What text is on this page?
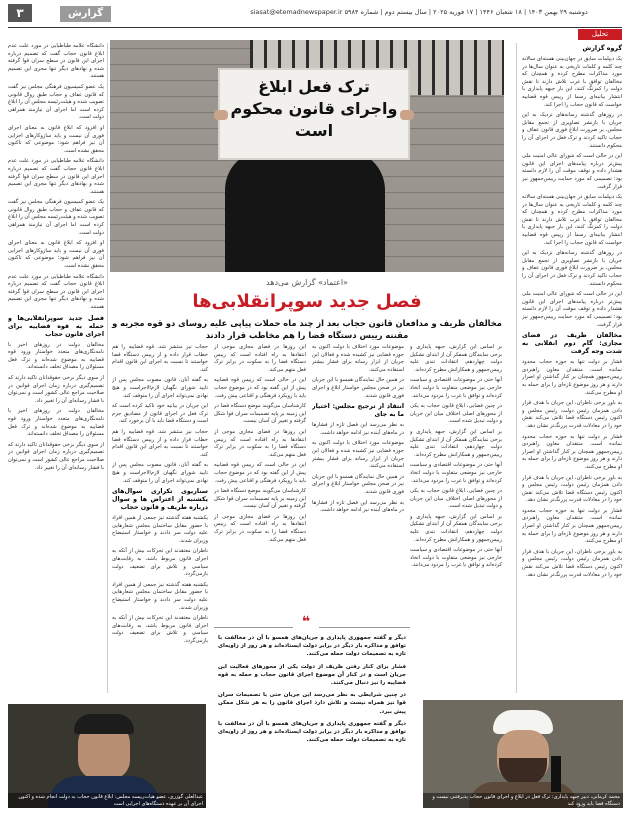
۳	گزارش	دوشنبه ۲۹ بهمن ۱۴۰۳ | ۱۸ شعبان ۱۴۴۶ | ۱۷ فوریه ۲۰۲۵ | سال بیستم دوم | شماره ۵۹۸۴ siasat@etemadnewspaper.ir
تحلیل
گروه گزارش

یک دیپلمات سابق در جهان‌بینی هسته‌ای سالانه چند کلمه و کلمات تاریخی به عنوان سال‌ها در مورد مذاکرات مطرح کرده و همچنان که مخالفان توافق با غرب تلاش دارند تا نقش دولت را کمرنگ کنند، این بار جبهه پایداری با انتشار بیانیه‌ای رسما از رییس قوه قضاییه خواست که قانون حجاب را اجرا کند.

در روزهای گذشته رسانه‌های نزدیک به این جریان با بازنشر تصاویری از تجمع مقابل مجلس، بر ضرورت ابلاغ فوری قانون عفاف و حجاب تاکید کردند و ترک فعل در اجرای آن را محکوم دانستند.

این در حالی است که شورای عالی امنیت ملی پیش‌تر درباره پیامدهای اجرای این قانون هشدار داده و توقف موقت آن را لازم دانسته بود؛ تصمیمی که مورد حمایت رییس‌جمهور نیز قرار گرفت.

یک دیپلمات سابق در جهان‌بینی هسته‌ای سالانه چند کلمه و کلمات تاریخی به عنوان سال‌ها در مورد مذاکرات مطرح کرده و همچنان که مخالفان توافق با غرب تلاش دارند تا نقش دولت را کمرنگ کنند، این بار جبهه پایداری با انتشار بیانیه‌ای رسما از رییس قوه قضاییه خواست که قانون حجاب را اجرا کند.

در روزهای گذشته رسانه‌های نزدیک به این جریان با بازنشر تصاویری از تجمع مقابل مجلس، بر ضرورت ابلاغ فوری قانون عفاف و حجاب تاکید کردند و ترک فعل در اجرای آن را محکوم دانستند.

این در حالی است که شورای عالی امنیت ملی پیش‌تر درباره پیامدهای اجرای این قانون هشدار داده و توقف موقت آن را لازم دانسته بود؛ تصمیمی که مورد حمایت رییس‌جمهور نیز قرار گرفت.

مخالفان ظریف در فضای مجازی: گام دوم انقلابی به شدت وجه گرفت

فشار بر دولت تنها به حوزه حجاب محدود نمانده است. منتقدان معاون راهبردی رییس‌جمهور همچنان بر کنار گذاشتن او اصرار دارند و هر روز موضوع تازه‌ای را برای حمله به او مطرح می‌کنند.

به باور برخی ناظران، این جریان با هدف قرار دادن همزمان رئیس دولت، رئیس مجلس و اکنون رئیس دستگاه قضا تلاش می‌کند نقش خود را در معادلات قدرت پررنگ‌تر نشان دهد.

فشار بر دولت تنها به حوزه حجاب محدود نمانده است. منتقدان معاون راهبردی رییس‌جمهور همچنان بر کنار گذاشتن او اصرار دارند و هر روز موضوع تازه‌ای را برای حمله به او مطرح می‌کنند.

به باور برخی ناظران، این جریان با هدف قرار دادن همزمان رئیس دولت، رئیس مجلس و اکنون رئیس دستگاه قضا تلاش می‌کند نقش خود را در معادلات قدرت پررنگ‌تر نشان دهد.

فشار بر دولت تنها به حوزه حجاب محدود نمانده است. منتقدان معاون راهبردی رییس‌جمهور همچنان بر کنار گذاشتن او اصرار دارند و هر روز موضوع تازه‌ای را برای حمله به او مطرح می‌کنند.

به باور برخی ناظران، این جریان با هدف قرار دادن همزمان رئیس دولت، رئیس مجلس و اکنون رئیس دستگاه قضا تلاش می‌کند نقش خود را در معادلات قدرت پررنگ‌تر نشان دهد.

دانشگاه علامه طباطبایی در مورد علت عدم ابلاغ قانون حجاب گفت که تصمیم درباره اجرای این قانون در سطح سران قوا گرفته شده و نهادهای دیگر تنها مجری این تصمیم هستند.

یک عضو کمیسیون فرهنگی مجلس نیز گفت که قانون عفاف و حجاب طبق روال قانونی تصویب شده و هیئت‌رئیسه مجلس آن را ابلاغ کرده است اما اجرای آن نیازمند همراهی دولت است.

او افزود که ابلاغ قانون به معنای اجرای فوری آن نیست و باید سازوکارهای اجرایی آن نیز فراهم شود؛ موضوعی که تاکنون محقق نشده است.

دانشگاه علامه طباطبایی در مورد علت عدم ابلاغ قانون حجاب گفت که تصمیم درباره اجرای این قانون در سطح سران قوا گرفته شده و نهادهای دیگر تنها مجری این تصمیم هستند.

یک عضو کمیسیون فرهنگی مجلس نیز گفت که قانون عفاف و حجاب طبق روال قانونی تصویب شده و هیئت‌رئیسه مجلس آن را ابلاغ کرده است اما اجرای آن نیازمند همراهی دولت است.

او افزود که ابلاغ قانون به معنای اجرای فوری آن نیست و باید سازوکارهای اجرایی آن نیز فراهم شود؛ موضوعی که تاکنون محقق نشده است.

دانشگاه علامه طباطبایی در مورد علت عدم ابلاغ قانون حجاب گفت که تصمیم درباره اجرای این قانون در سطح سران قوا گرفته شده و نهادهای دیگر تنها مجری این تصمیم هستند.

فصل جدید سوپرانقلابی‌ها و حمله به قوه قضاییه برای اجرای قانون حجاب

مخالفان دولت در روزهای اخیر با نامه‌نگاری‌های متعدد خواستار ورود قوه قضاییه به موضوع شده‌اند و ترک فعل مسئولان را مصداق تخلف دانسته‌اند.

از سوی دیگر برخی حقوقدانان تاکید دارند که تصمیم‌گیری درباره زمان اجرای قوانین در صلاحیت مراجع عالی کشور است و نمی‌توان با فشار رسانه‌ای آن را تغییر داد.

مخالفان دولت در روزهای اخیر با نامه‌نگاری‌های متعدد خواستار ورود قوه قضاییه به موضوع شده‌اند و ترک فعل مسئولان را مصداق تخلف دانسته‌اند.

از سوی دیگر برخی حقوقدانان تاکید دارند که تصمیم‌گیری درباره زمان اجرای قوانین در صلاحیت مراجع عالی کشور است و نمی‌توان با فشار رسانه‌ای آن را تغییر داد.

ترک فعل ابلاغ
واجرای قانون محکوم
است
«اعتماد» گزارش می‌دهد
فصل جدید سوپرانقلابی‌ها
مخالفان ظریف و مدافعان قانون حجاب بعد از چند ماه حملات پیاپی علیه روسای دو قوه مجریه و مقننه رییس دستگاه قضا را هم مخاطب قرار دادند

بر اساس این گزارش، جبهه پایداری و برخی نمایندگان همفکر آن از ابتدای تشکیل دولت چهاردهم، انتقادات تندی علیه رییس‌جمهور و همکارانش مطرح کرده‌اند.

آنها حتی در موضوعات اقتصادی و سیاست خارجی نیز موضعی متفاوت با دولت اتخاذ کرده‌اند و توافق با غرب را مردود می‌دانند.

در چنین فضایی، ابلاغ قانون حجاب به یکی از محورهای اصلی اختلاف میان این جریان و دولت تبدیل شده است.

بر اساس این گزارش، جبهه پایداری و برخی نمایندگان همفکر آن از ابتدای تشکیل دولت چهاردهم، انتقادات تندی علیه رییس‌جمهور و همکارانش مطرح کرده‌اند.

آنها حتی در موضوعات اقتصادی و سیاست خارجی نیز موضعی متفاوت با دولت اتخاذ کرده‌اند و توافق با غرب را مردود می‌دانند.

در چنین فضایی، ابلاغ قانون حجاب به یکی از محورهای اصلی اختلاف میان این جریان و دولت تبدیل شده است.

بر اساس این گزارش، جبهه پایداری و برخی نمایندگان همفکر آن از ابتدای تشکیل دولت چهاردهم، انتقادات تندی علیه رییس‌جمهور و همکارانش مطرح کرده‌اند.

آنها حتی در موضوعات اقتصادی و سیاست خارجی نیز موضعی متفاوت با دولت اتخاذ کرده‌اند و توافق با غرب را مردود می‌دانند.

موضوعات مورد اختلاف با دولت اکنون به حوزه قضایی نیز کشیده شده و فعالان این جریان از ابزار رسانه برای فشار بیشتر استفاده می‌کنند.

در همین حال نمایندگان همسو با این جریان نیز در صحن مجلس خواستار ابلاغ و اجرای فوری قانون شدند.

انتقاد از ترجیح مجلس: اختیار ما به جای

به نظر می‌رسد این فصل تازه از فشارها در ماه‌های آینده نیز ادامه خواهد داشت.

موضوعات مورد اختلاف با دولت اکنون به حوزه قضایی نیز کشیده شده و فعالان این جریان از ابزار رسانه برای فشار بیشتر استفاده می‌کنند.

در همین حال نمایندگان همسو با این جریان نیز در صحن مجلس خواستار ابلاغ و اجرای فوری قانون شدند.

به نظر می‌رسد این فصل تازه از فشارها در ماه‌های آینده نیز ادامه خواهد داشت.

این روزها در فضای مجازی موجی از انتقادها به راه افتاده است که رییس دستگاه قضا را به سکوت در برابر ترک فعل متهم می‌کند.

این در حالی است که رییس قوه قضاییه پیش از این گفته بود که در موضوع حجاب باید با رویکرد فرهنگی و اقناعی پیش رفت.

کارشناسان می‌گویند موضع دستگاه قضا در این زمینه بر پایه تصمیمات سران قوا شکل گرفته و تغییر آن آسان نیست.

این روزها در فضای مجازی موجی از انتقادها به راه افتاده است که رییس دستگاه قضا را به سکوت در برابر ترک فعل متهم می‌کند.

این در حالی است که رییس قوه قضاییه پیش از این گفته بود که در موضوع حجاب باید با رویکرد فرهنگی و اقناعی پیش رفت.

کارشناسان می‌گویند موضع دستگاه قضا در این زمینه بر پایه تصمیمات سران قوا شکل گرفته و تغییر آن آسان نیست.

این روزها در فضای مجازی موجی از انتقادها به راه افتاده است که رییس دستگاه قضا را به سکوت در برابر ترک فعل متهم می‌کند.

حجاب نیز منتشر شد. قوه قضاییه را هم خطاب قرار داده و از رییس دستگاه قضا خواستند تا نسبت به اجرای این قانون اقدام کند.

به گفته آنان، قانون مصوب مجلس پس از تایید شورای نگهبان لازم‌الاجراست و هیچ نهادی نمی‌تواند اجرای آن را متوقف کند.

این جریان در بیانیه خود تاکید کرده است که ترک فعل در اجرای قانون از مصادیق جرم است و دستگاه قضا باید با آن برخورد کند.

حجاب نیز منتشر شد. قوه قضاییه را هم خطاب قرار داده و از رییس دستگاه قضا خواستند تا نسبت به اجرای این قانون اقدام کند.

به گفته آنان، قانون مصوب مجلس پس از تایید شورای نگهبان لازم‌الاجراست و هیچ نهادی نمی‌تواند اجرای آن را متوقف کند.

سناریوی تکراری سوال‌های یکشنبه از اعتراض ها و سوال درباره طریف و قانون حجاب

یکشنبه هفته گذشته نیز جمعی از همین افراد با حضور مقابل ساختمان مجلس شعارهایی علیه دولت سر دادند و خواستار استیضاح وزیران شدند.

ناظران معتقدند این تحرکات بیش از آنکه به اجرای قانون مربوط باشد، به رقابت‌های سیاسی و تلاش برای تضعیف دولت بازمی‌گردد.

یکشنبه هفته گذشته نیز جمعی از همین افراد با حضور مقابل ساختمان مجلس شعارهایی علیه دولت سر دادند و خواستار استیضاح وزیران شدند.

ناظران معتقدند این تحرکات بیش از آنکه به اجرای قانون مربوط باشد، به رقابت‌های سیاسی و تلاش برای تضعیف دولت بازمی‌گردد. دیگر و گفته جمهوری پایداری و جریان‌های همسو با آن در مخالفت با توافق و مذاکره بار دیگر در برابر دولت ایستاده‌اند و هر روز از زاویه‌ای تازه به تصمیمات دولت حمله می‌کنند.

فشار برای کنار رفتن ظریف از دولت یکی از محورهای فعالیت این جریان است و در کنار آن موضوع اجرای قانون حجاب و حمله به قوه قضاییه را نیز دنبال می‌کنند.

در چنین شرایطی به نظر می‌رسد این جریان حتی با تصمیمات سران قوا نیز همراه نیست و تلاش دارد اجرای قانون را به هر شکل ممکن پیش ببرد.

دیگر و گفته جمهوری پایداری و جریان‌های همسو با آن در مخالفت با توافق و مذاکره بار دیگر در برابر دولت ایستاده‌اند و هر روز از زاویه‌ای تازه به تصمیمات دولت حمله می‌کنند.

❝
عبدالعلی گوزری، عضو هیات‌رییسه مجلس: ابلاغ قانون حجاب به دولت انجام شده و اکنون اجرای آن بر عهده دستگاه‌های اجرایی است
محمد کرمانی، دبیر جبهه پایداری: ترک فعل در ابلاغ و اجرای قانون حجاب پذیرفتنی نیست و دستگاه قضا باید ورود کند
